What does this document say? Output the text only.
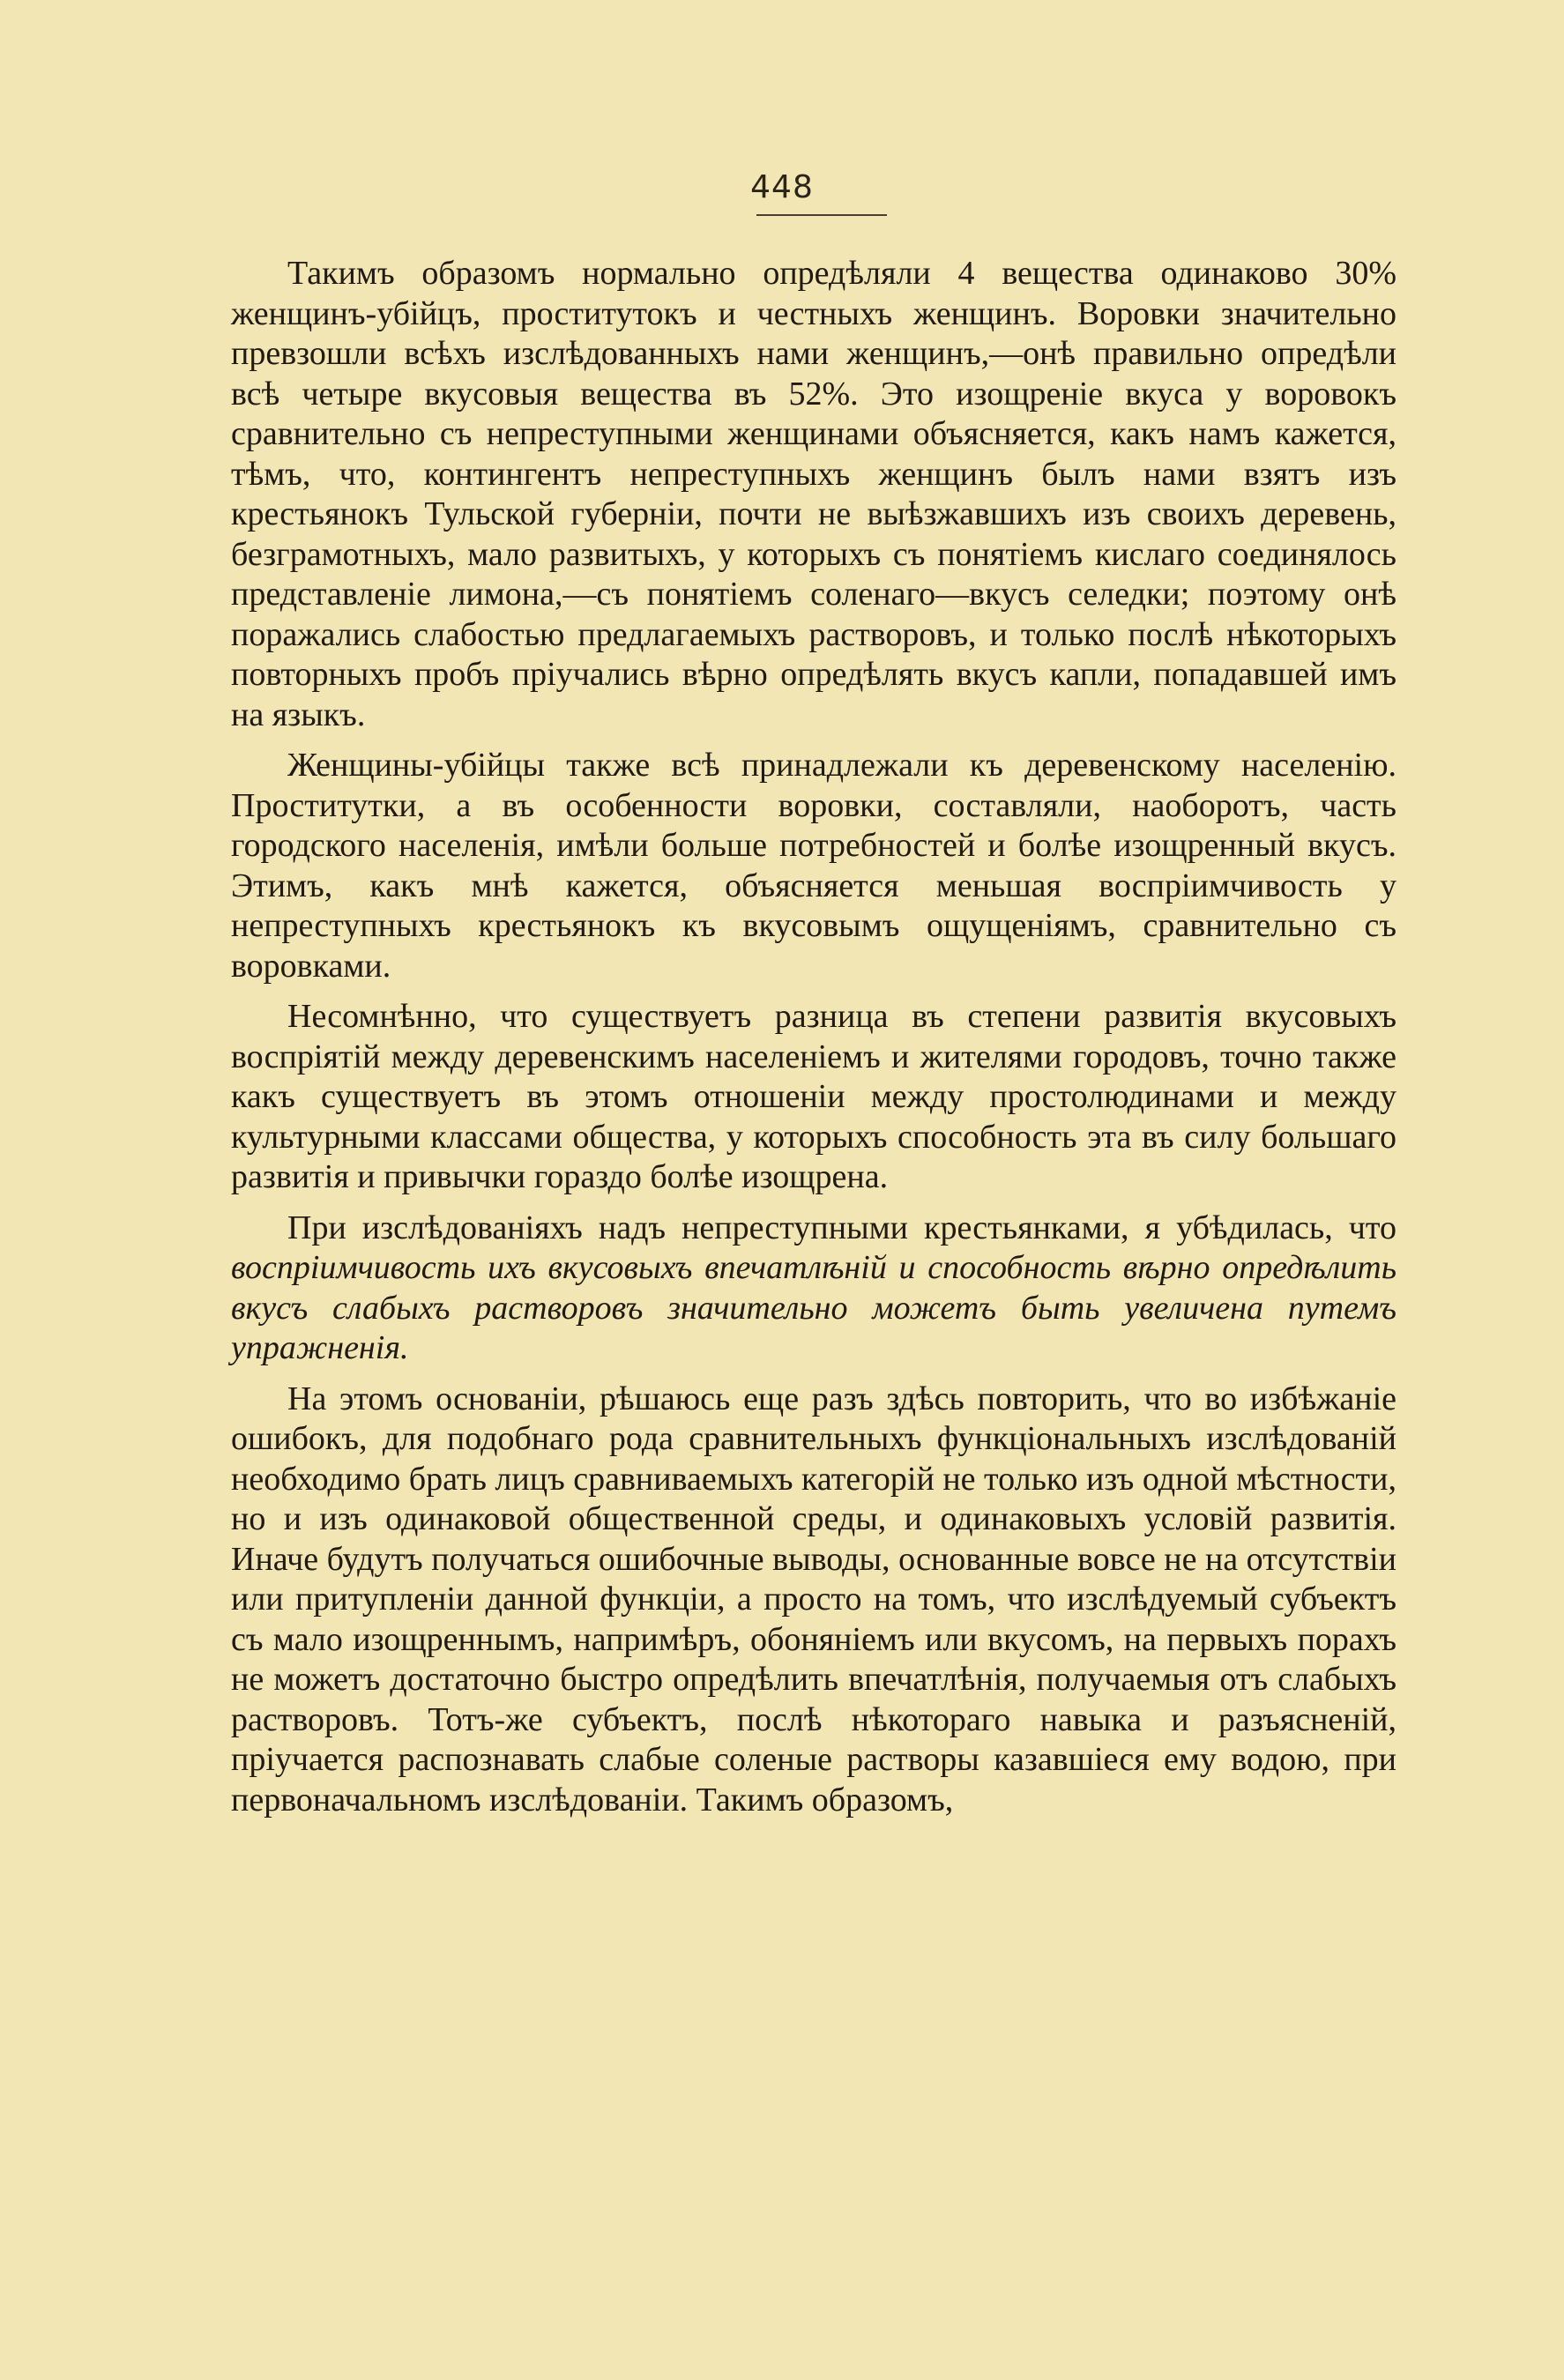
448

Такимъ образомъ нормально опредѣляли 4 вещества одинаково 30% женщинъ-убійцъ, проститутокъ и честныхъ женщинъ. Воровки значительно превзошли всѣхъ изслѣдованныхъ нами женщинъ,—онѣ правильно опредѣли всѣ четыре вкусовыя вещества въ 52%. Это изощреніе вкуса у воровокъ сравнительно съ непреступными женщинами объясняется, какъ намъ кажется, тѣмъ, что, контингентъ непреступныхъ женщинъ былъ нами взятъ изъ крестьянокъ Тульской губерніи, почти не выѣзжавшихъ изъ своихъ деревень, безграмотныхъ, мало развитыхъ, у которыхъ съ понятіемъ кислаго соединялось представленіе лимона,—съ понятіемъ соленаго—вкусъ селедки; поэтому онѣ поражались слабостью предлагаемыхъ растворовъ, и только послѣ нѣкоторыхъ повторныхъ пробъ пріучались вѣрно опредѣлять вкусъ капли, попадавшей имъ на языкъ.

Женщины-убійцы также всѣ принадлежали къ деревенскому населенію. Проститутки, а въ особенности воровки, составляли, наоборотъ, часть городского населенія, имѣли больше потребностей и болѣе изощренный вкусъ. Этимъ, какъ мнѣ кажется, объясняется меньшая воспріимчивость у непреступныхъ крестьянокъ къ вкусовымъ ощущеніямъ, сравнительно съ воровками.

Несомнѣнно, что существуетъ разница въ степени развитія вкусовыхъ воспріятій между деревенскимъ населеніемъ и жителями городовъ, точно также какъ существуетъ въ этомъ отношеніи между простолюдинами и между культурными классами общества, у которыхъ способность эта въ силу большаго развитія и привычки гораздо болѣе изощрена.

При изслѣдованіяхъ надъ непреступными крестьянками, я убѣдилась, что воспріимчивость ихъ вкусовыхъ впечатлѣній и способность вѣрно опредѣлить вкусъ слабыхъ растворовъ значительно можетъ быть увеличена путемъ упражненія.

На этомъ основаніи, рѣшаюсь еще разъ здѣсь повторить, что во избѣжаніе ошибокъ, для подобнаго рода сравнительныхъ функціональныхъ изслѣдованій необходимо брать лицъ сравниваемыхъ категорій не только изъ одной мѣстности, но и изъ одинаковой общественной среды, и одинаковыхъ условій развитія. Иначе будутъ получаться ошибочные выводы, основанные вовсе не на отсутствіи или притупленіи данной функціи, а просто на томъ, что изслѣдуемый субъектъ съ мало изощреннымъ, напримѣръ, обоняніемъ или вкусомъ, на первыхъ порахъ не можетъ достаточно быстро опредѣлить впечатлѣнія, получаемыя отъ слабыхъ растворовъ. Тотъ-же субъектъ, послѣ нѣкотораго навыка и разъясненій, пріучается распознавать слабые соленые растворы казавшіеся ему водою, при первоначальномъ изслѣдованіи. Такимъ образомъ,
